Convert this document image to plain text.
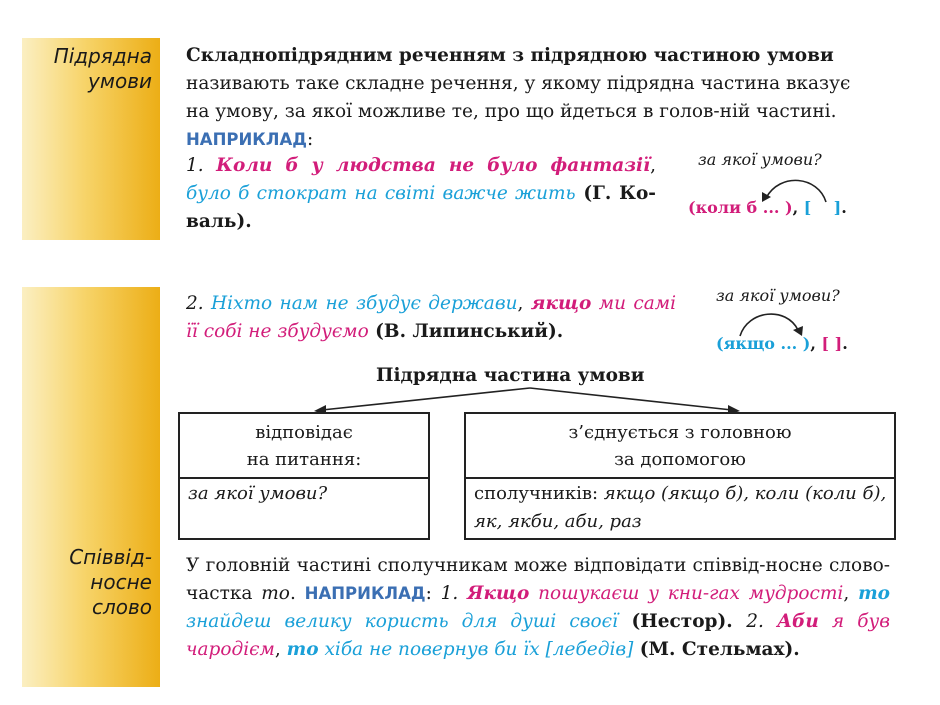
Підрядна
умови
Складнопідрядним реченням з підрядною частиною умови називають таке складне речення, у якому підрядна частина вказує на умову, за якої можливе те, про що йдеться в голов-ній частині. НАПРИКЛАД:
1. Коли б у людства не було фантазії, було б стократ на світі важче жить (Г. Ко-валь).
за якої умови?
(коли б ... ), [    ].
Співвід-
носне
слово
2. Ніхто нам не збудує держави, якщо ми самі її собі не збудуємо (В. Липинський).
за якої умови?
(якщо ... ), [ ].
Підрядна частина умови
відповідає
на питання:
за якої умови?
з’єднується з головною
за допомогою
сполучників: якщо (якщо б), коли (коли б), як, якби, аби, раз
У головній частині сполучникам може відповідати співвід-носне слово-частка то. НАПРИКЛАД: 1. Якщо пошукаєш у кни-гах мудрості, то знайдеш велику користь для душі своєї (Нестор). 2. Аби я був чародієм, то хіба не повернув би їх [лебедів] (М. Стельмах).
